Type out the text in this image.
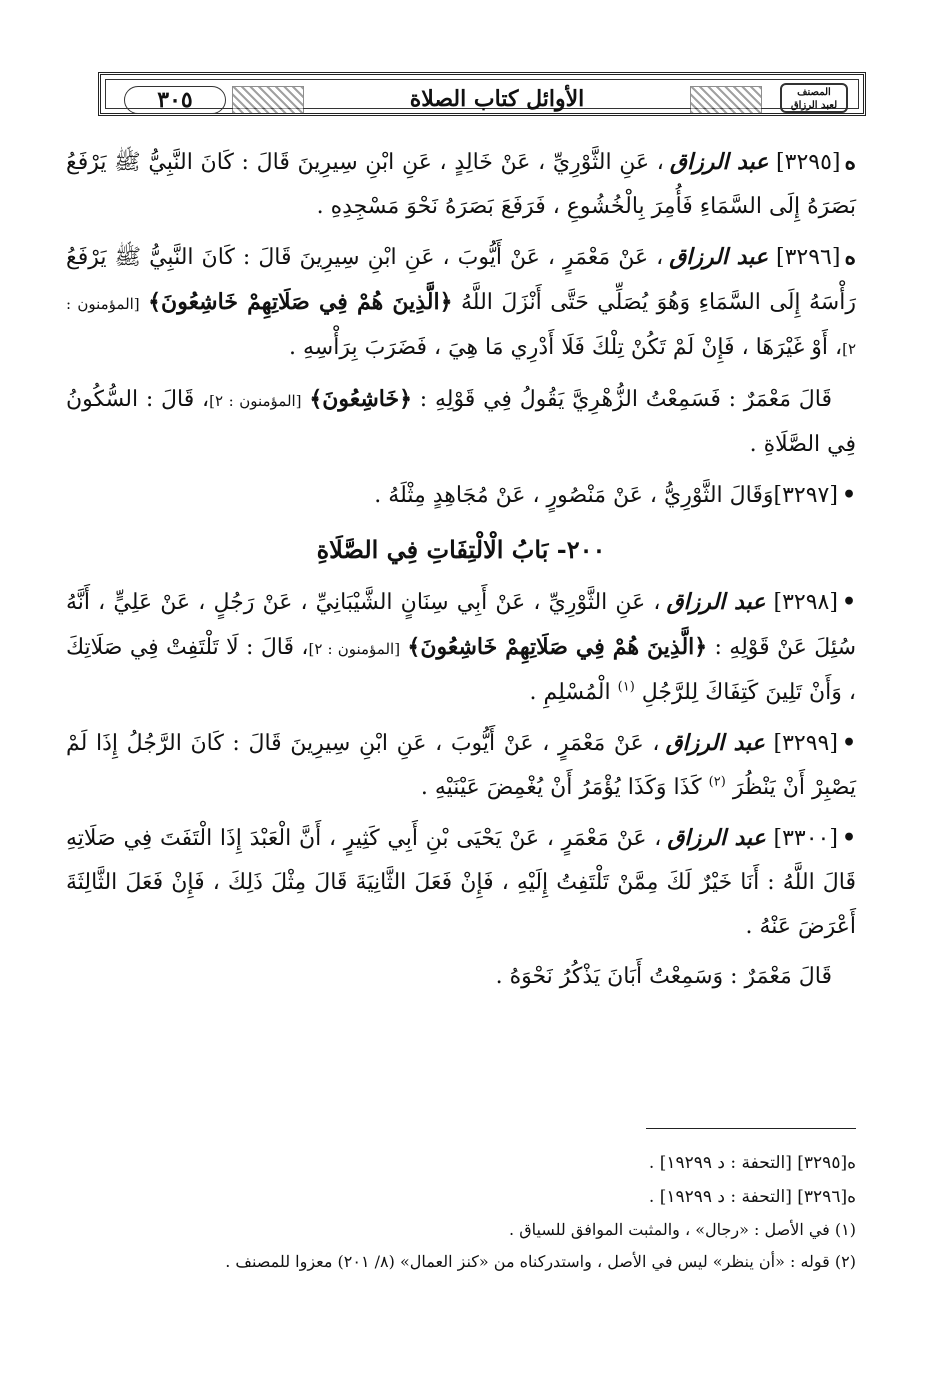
٣٠٥	الأوائل كتاب الصلاة	المصنف
لعبد الرزاق

ه[٣٢٩٥] عبد الرزاق، عَنِ الثَّوْرِيِّ ، عَنْ خَالِدٍ ، عَنِ ابْنِ سِيرِينَ قَالَ : كَانَ النَّبِيُّ ﷺ يَرْفَعُ بَصَرَهُ إِلَى السَّمَاءِ فَأُمِرَ بِالْخُشُوعِ ، فَرَفَعَ بَصَرَهُ نَحْوَ مَسْجِدِهِ .

ه[٣٢٩٦] عبد الرزاق، عَنْ مَعْمَرٍ ، عَنْ أَيُّوبَ ، عَنِ ابْنِ سِيرِينَ قَالَ : كَانَ النَّبِيُّ ﷺ يَرْفَعُ رَأْسَهُ إِلَى السَّمَاءِ وَهُوَ يُصَلِّي حَتَّى أَنْزَلَ اللَّهُ ﴿الَّذِينَ هُمْ فِي صَلَاتِهِمْ خَاشِعُونَ﴾ [المؤمنون : ٢]، أَوْ غَيْرَهَا ، فَإِنْ لَمْ تَكُنْ تِلْكَ فَلَا أَدْرِي مَا هِيَ ، فَضَرَبَ بِرَأْسِهِ .

قَالَ مَعْمَرٌ : فَسَمِعْتُ الزُّهْرِيَّ يَقُولُ فِي قَوْلِهِ : ﴿خَاشِعُونَ﴾ [المؤمنون : ٢]، قَالَ : السُّكُونُ فِي الصَّلَاةِ .

•[٣٢٩٧]وَقَالَ الثَّوْرِيُّ ، عَنْ مَنْصُورٍ ، عَنْ مُجَاهِدٍ مِثْلَهُ .

٢٠٠- بَابُ الْالْتِفَاتِ فِي الصَّلَاةِ

•[٣٢٩٨] عبد الرزاق، عَنِ الثَّوْرِيِّ ، عَنْ أَبِي سِنَانٍ الشَّيْبَانِيِّ ، عَنْ رَجُلٍ ، عَنْ عَلِيٍّ ، أَنَّهُ سُئِلَ عَنْ قَوْلِهِ : ﴿الَّذِينَ هُمْ فِي صَلَاتِهِمْ خَاشِعُونَ﴾ [المؤمنون : ٢]، قَالَ : لَا تَلْتَفِتْ فِي صَلَاتِكَ ، وَأَنْ تَلِينَ كَتِفَاكَ لِلرَّجُلِ $^{(١)}$ الْمُسْلِمِ .

•[٣٢٩٩] عبد الرزاق، عَنْ مَعْمَرٍ ، عَنْ أَيُّوبَ ، عَنِ ابْنِ سِيرِينَ قَالَ : كَانَ الرَّجُلُ إِذَا لَمْ يَصْبِرْ أَنْ يَنْظُرَ $^{(٢)}$ كَذَا وَكَذَا يُؤْمَرُ أَنْ يُغْمِضَ عَيْنَيْهِ .

•[٣٣٠٠] عبد الرزاق، عَنْ مَعْمَرٍ ، عَنْ يَحْيَى بْنِ أَبِي كَثِيرٍ ، أَنَّ الْعَبْدَ إِذَا الْتَفَتَ فِي صَلَاتِهِ قَالَ اللَّهُ : أَنَا خَيْرٌ لَكَ مِمَّنْ تَلْتَفِتُ إِلَيْهِ ، فَإِنْ فَعَلَ الثَّانِيَةَ قَالَ مِثْلَ ذَلِكَ ، فَإِنْ فَعَلَ الثَّالِثَةَ أَعْرَضَ عَنْهُ .

قَالَ مَعْمَرٌ : وَسَمِعْتُ أَبَانَ يَذْكُرُ نَحْوَهُ .

ه[٣٢٩٥] [التحفة : د ١٩٢٩٩] .

ه[٣٢٩٦] [التحفة : د ١٩٢٩٩] .

(١) في الأصل : «رجال» ، والمثبت الموافق للسياق .

(٢) قوله : «أن ينظر» ليس في الأصل ، واستدركناه من «كنز العمال» (٨/ ٢٠١) معزوا للمصنف .
